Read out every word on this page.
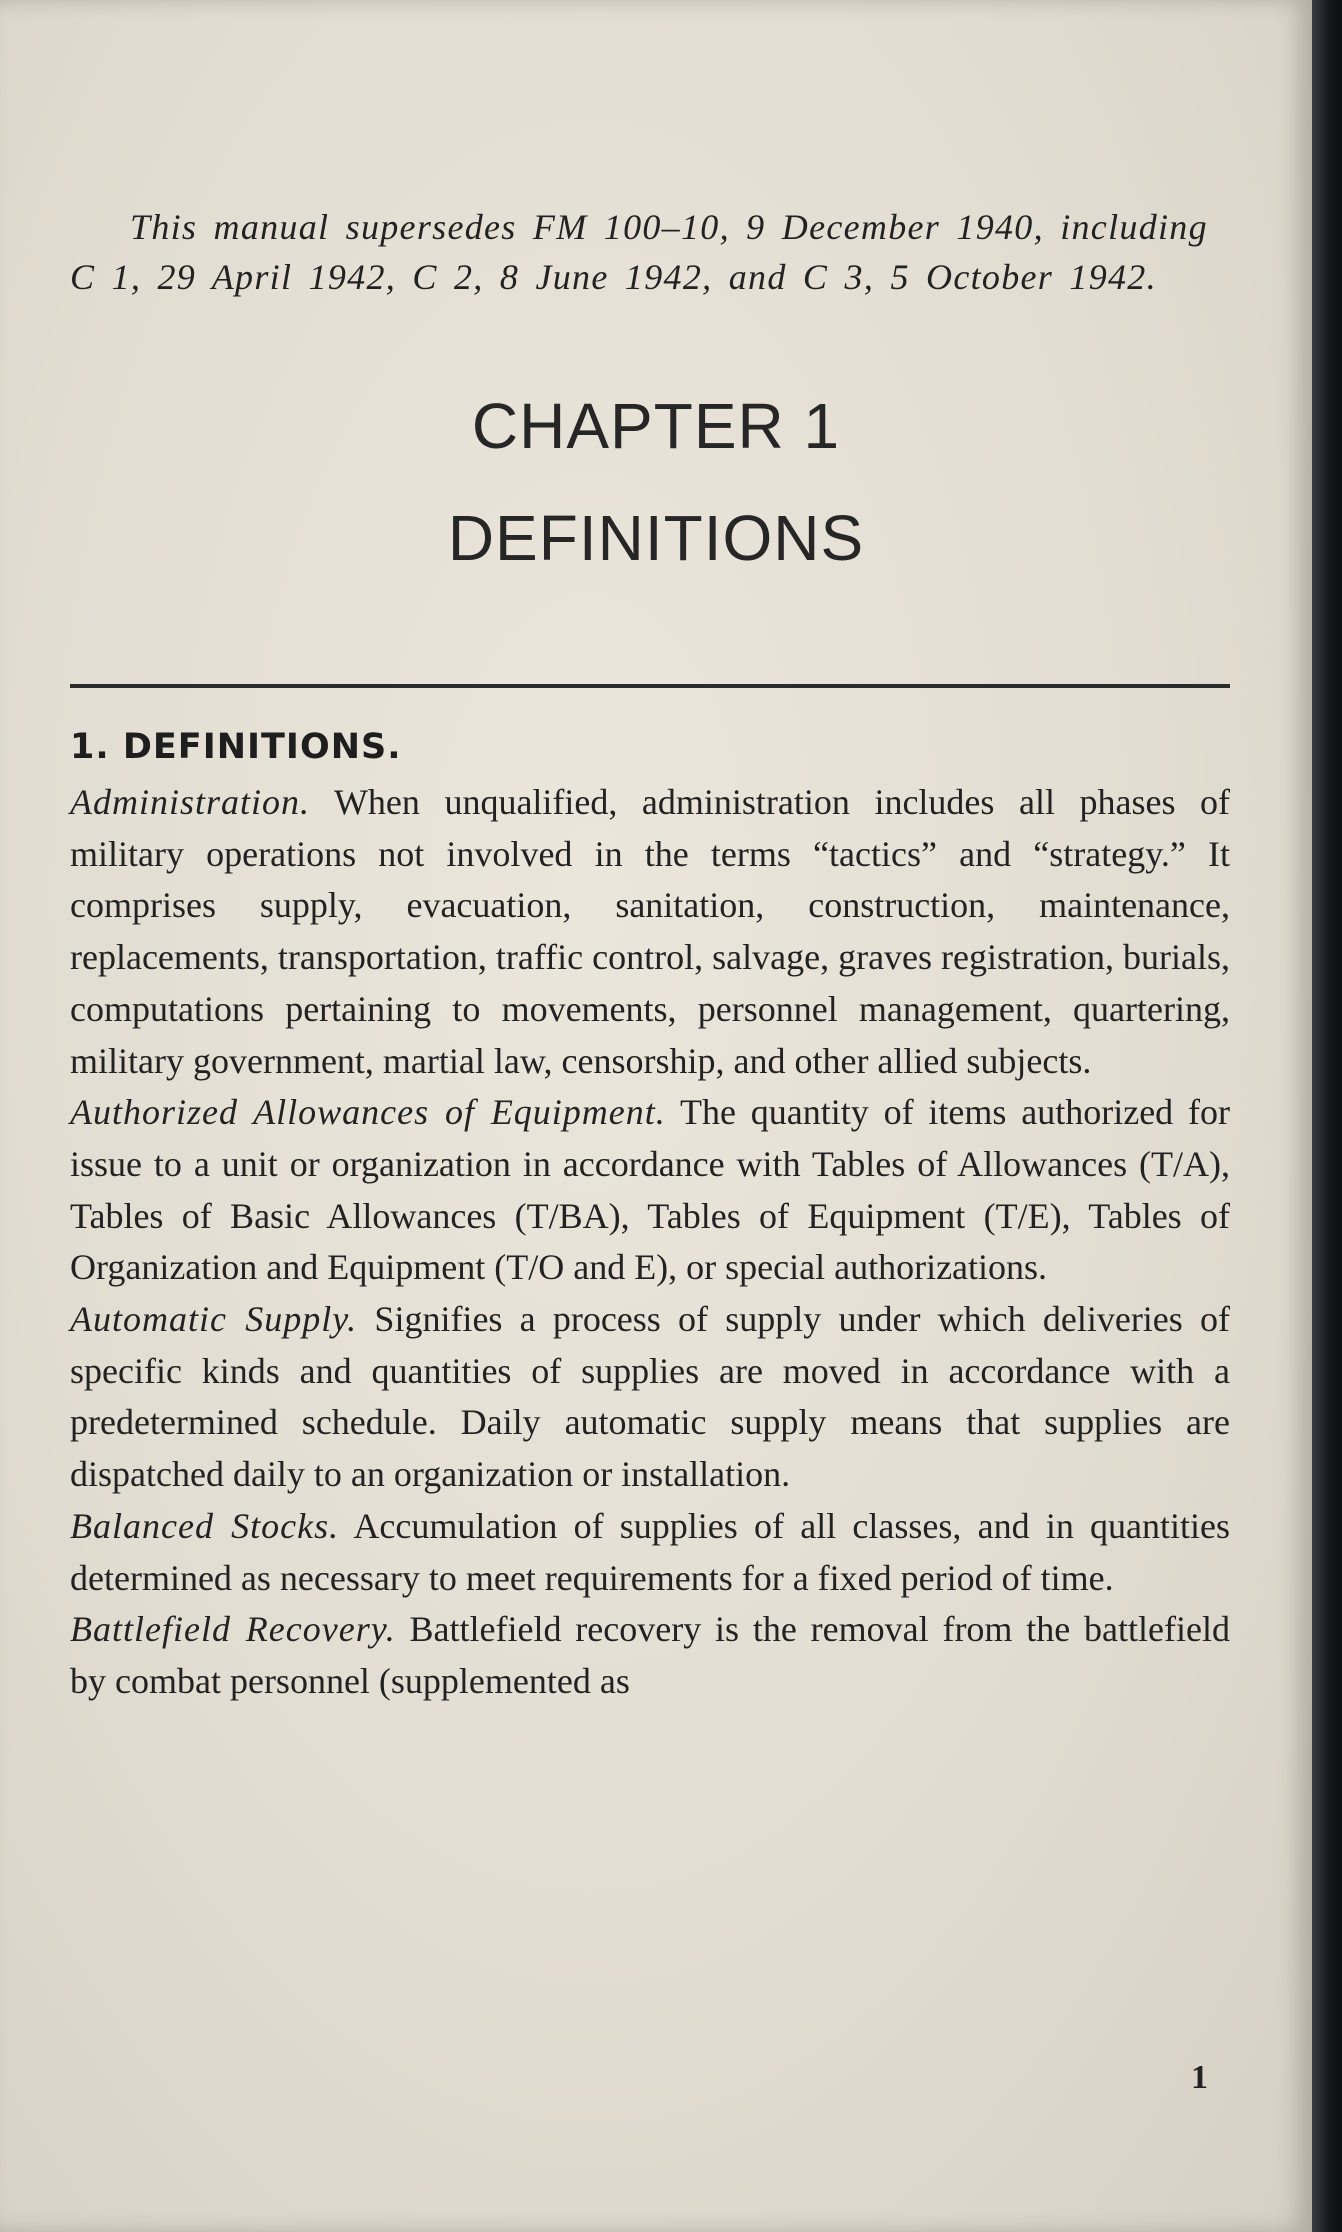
This manual supersedes FM 100–10, 9 December 1940, including C 1, 29 April 1942, C 2, 8 June 1942, and C 3, 5 October 1942.

CHAPTER 1
DEFINITIONS
1. DEFINITIONS.

Administration. When unqualified, administration includes all phases of military operations not involved in the terms “tactics” and “strategy.” It comprises supply, evacuation, sanitation, construction, maintenance, replacements, transportation, traffic control, salvage, graves registration, burials, computations pertaining to movements, personnel management, quartering, military government, martial law, censorship, and other allied subjects.

Authorized Allowances of Equipment. The quantity of items authorized for issue to a unit or organization in accordance with Tables of Allowances (T/A), Tables of Basic Allowances (T/BA), Tables of Equipment (T/E), Tables of Organization and Equipment (T/O and E), or special authorizations.

Automatic Supply. Signifies a process of supply under which deliveries of specific kinds and quantities of supplies are moved in accordance with a predetermined schedule. Daily automatic supply means that supplies are dispatched daily to an organization or installation.

Balanced Stocks. Accumulation of supplies of all classes, and in quantities determined as necessary to meet requirements for a fixed period of time.

Battlefield Recovery. Battlefield recovery is the removal from the battlefield by combat personnel (supplemented as

1
